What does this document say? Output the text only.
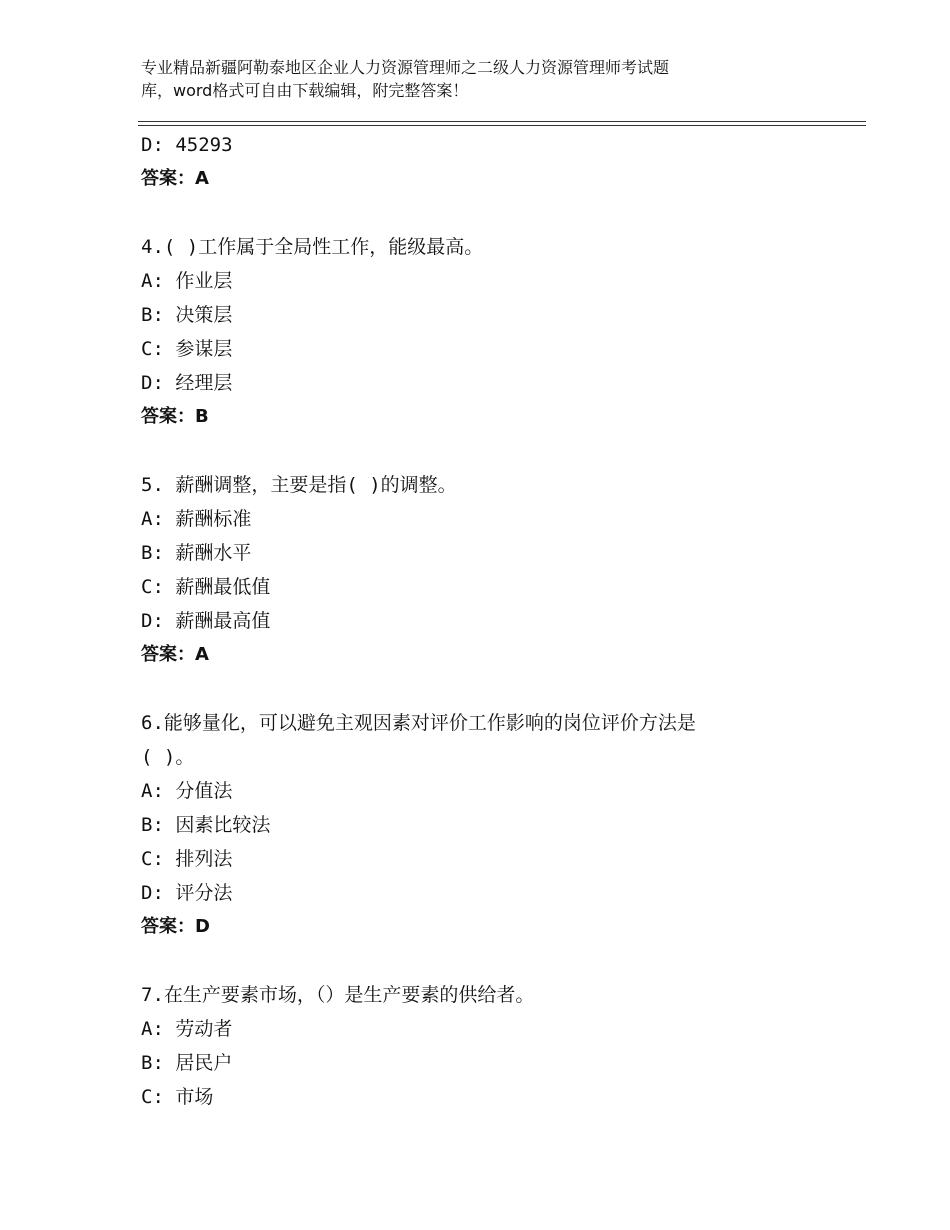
专业精品新疆阿勒泰地区企业人力资源管理师之二级人力资源管理师考试题
库，word格式可自由下载编辑，附完整答案！
D: 45293
答案：A
4.( )工作属于全局性工作，能级最高。
A: 作业层
B: 决策层
C: 参谋层
D: 经理层
答案：B
5. 薪酬调整，主要是指( )的调整。
A: 薪酬标准
B: 薪酬水平
C: 薪酬最低值
D: 薪酬最高值
答案：A
6.能够量化，可以避免主观因素对评价工作影响的岗位评价方法是
( )。
A: 分值法
B: 因素比较法
C: 排列法
D: 评分法
答案：D
7.在生产要素市场，（）是生产要素的供给者。
A: 劳动者
B: 居民户
C: 市场
